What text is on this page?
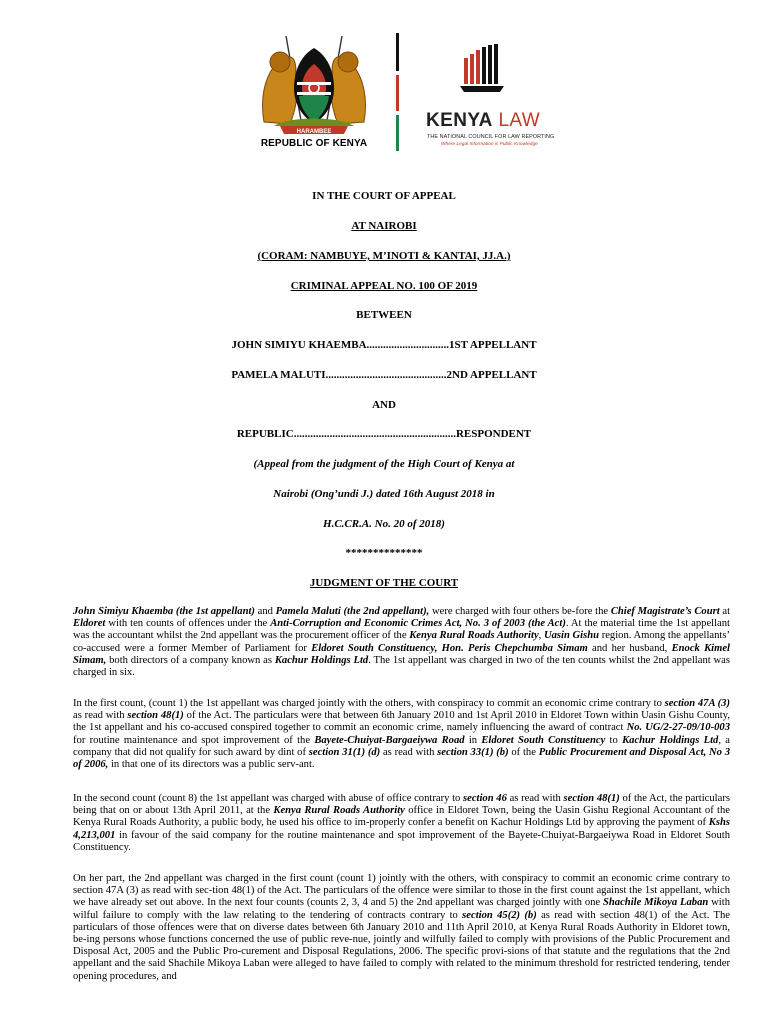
HARAMBEE
REPUBLIC OF KENYA
KENYA LAW
THE NATIONAL COUNCIL FOR LAW REPORTING
Where Legal Information is Public Knowledge
IN THE COURT OF APPEAL
AT NAIROBI
(CORAM: NAMBUYE, M’INOTI & KANTAI, JJ.A.)
CRIMINAL APPEAL NO. 100 OF 2019
BETWEEN
JOHN SIMIYU KHAEMBA..............................1ST APPELLANT
PAMELA MALUTI............................................2ND APPELLANT
AND
REPUBLIC...........................................................RESPONDENT
(Appeal from the judgment of the High Court of Kenya at
Nairobi (Ong’undi J.) dated 16th August 2018 in
H.C.CR.A. No. 20 of 2018)
**************
JUDGMENT OF THE COURT
John Simiyu Khaemba (the 1st appellant) and Pamela Maluti (the 2nd appellant), were charged with four others be-fore the Chief Magistrate’s Court at Eldoret with ten counts of offences under the Anti-Corruption and Economic Crimes Act, No. 3 of 2003 (the Act). At the material time the 1st appellant was the accountant whilst the 2nd appellant was the procurement officer of the Kenya Rural Roads Authority, Uasin Gishu region. Among the appellants’ co-accused were a former Member of Parliament for Eldoret South Constituency, Hon. Peris Chepchumba Simam and her husband, Enock Kimel Simam, both directors of a company known as Kachur Holdings Ltd. The 1st appellant was charged in two of the ten counts whilst the 2nd appellant was charged in six.
In the first count, (count 1) the 1st appellant was charged jointly with the others, with conspiracy to commit an economic crime contrary to section 47A (3) as read with section 48(1) of the Act. The particulars were that between 6th January 2010 and 1st April 2010 in Eldoret Town within Uasin Gishu County, the 1st appellant and his co-accused conspired together to commit an economic crime, namely influencing the award of contract No. UG/2-27-09/10-003 for routine maintenance and spot improvement of the Bayete-Chuiyat-Bargaeiywa Road in Eldoret South Constituency to Kachur Holdings Ltd, a company that did not qualify for such award by dint of section 31(1) (d) as read with section 33(1) (b) of the Public Procurement and Disposal Act, No 3 of 2006, in that one of its directors was a public serv-ant.
In the second count (count 8) the 1st appellant was charged with abuse of office contrary to section 46 as read with section 48(1) of the Act, the particulars being that on or about 13th April 2011, at the Kenya Rural Roads Authority office in Eldoret Town, being the Uasin Gishu Regional Accountant of the Kenya Rural Roads Authority, a public body, he used his office to im-properly confer a benefit on Kachur Holdings Ltd by approving the payment of Kshs 4,213,001 in favour of the said company for the routine maintenance and spot improvement of the Bayete-Chuiyat-Bargaeiywa Road in Eldoret South Constituency.
On her part, the 2nd appellant was charged in the first count (count 1) jointly with the others, with conspiracy to commit an economic crime contrary to section 47A (3) as read with sec-tion 48(1) of the Act. The particulars of the offence were similar to those in the first count against the 1st appellant, which we have already set out above. In the next four counts (counts 2, 3, 4 and 5) the 2nd appellant was charged jointly with one Shachile Mikoya Laban with wilful failure to comply with the law relating to the tendering of contracts contrary to section 45(2) (b) as read with section 48(1) of the Act. The particulars of those offences were that on diverse dates between 6th January 2010 and 11th April 2010, at Kenya Rural Roads Authority in Eldoret town, be-ing persons whose functions concerned the use of public reve-nue, jointly and wilfully failed to comply with provisions of the Public Procurement and Disposal Act, 2005 and the Public Pro-curement and Disposal Regulations, 2006. The specific provi-sions of that statute and the regulations that the 2nd appellant and the said Shachile Mikoya Laban were alleged to have failed to comply with related to the minimum threshold for restricted tendering, tender opening procedures, and
